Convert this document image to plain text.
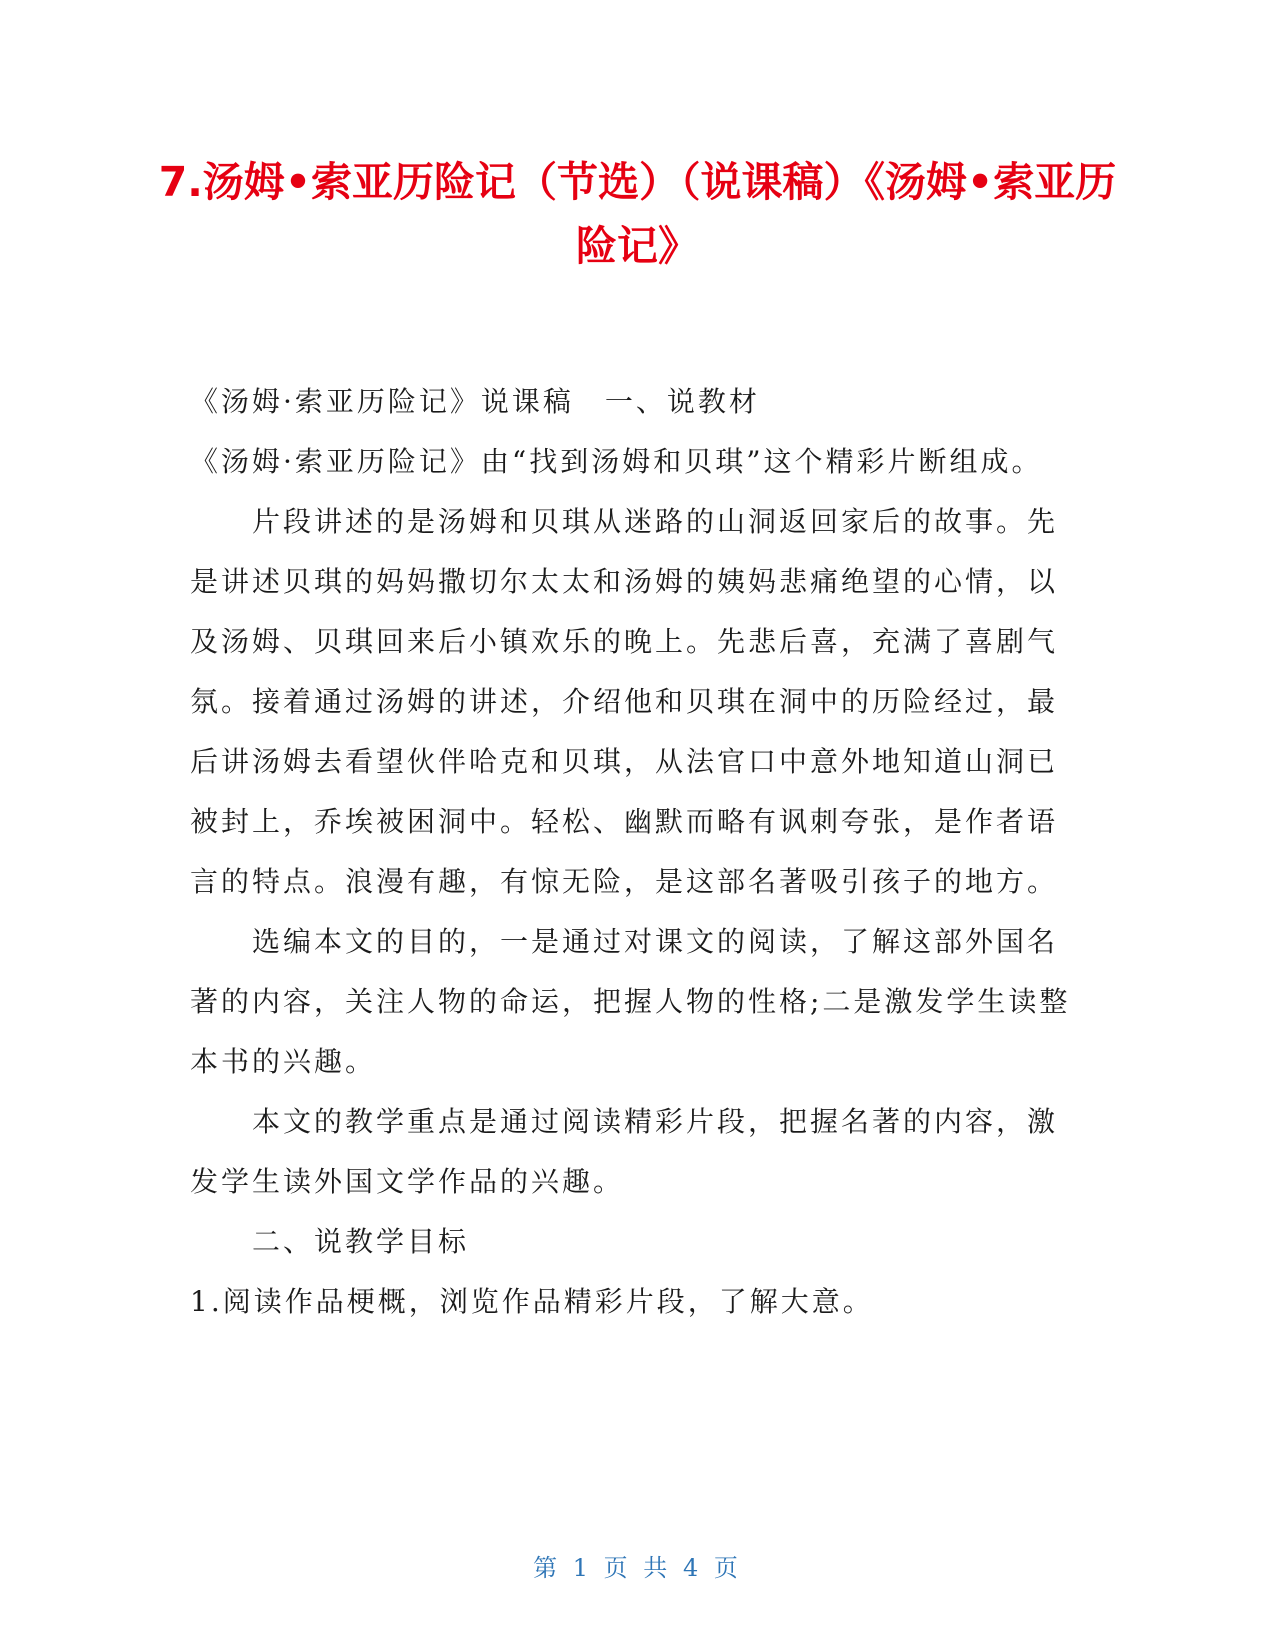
7.汤姆•索亚历险记（节选）（说课稿）《汤姆•索亚历险记》

《汤姆·索亚历险记》说课稿　一、说教材

《汤姆·索亚历险记》由“找到汤姆和贝琪”这个精彩片断组成。

片段讲述的是汤姆和贝琪从迷路的山洞返回家后的故事。先是讲述贝琪的妈妈撒切尔太太和汤姆的姨妈悲痛绝望的心情，以及汤姆、贝琪回来后小镇欢乐的晚上。先悲后喜，充满了喜剧气氛。接着通过汤姆的讲述，介绍他和贝琪在洞中的历险经过，最后讲汤姆去看望伙伴哈克和贝琪，从法官口中意外地知道山洞已被封上，乔埃被困洞中。轻松、幽默而略有讽刺夸张，是作者语言的特点。浪漫有趣，有惊无险，是这部名著吸引孩子的地方。

选编本文的目的，一是通过对课文的阅读，了解这部外国名著的内容，关注人物的命运，把握人物的性格;二是激发学生读整本书的兴趣。

本文的教学重点是通过阅读精彩片段，把握名著的内容，激发学生读外国文学作品的兴趣。

二、说教学目标

1.阅读作品梗概，浏览作品精彩片段，了解大意。

第 1 页 共 4 页
